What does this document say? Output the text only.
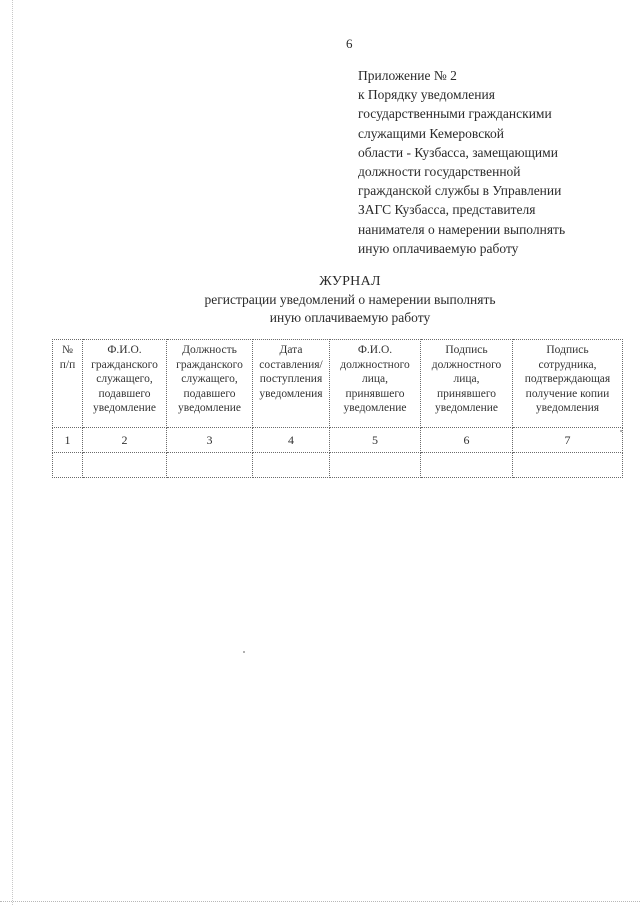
6
Приложение № 2
к Порядку уведомления
государственными гражданскими
служащими Кемеровской
области - Кузбасса, замещающими
должности государственной
гражданской службы в Управлении
ЗАГС Кузбасса, представителя
нанимателя о намерении выполнять
иную оплачиваемую работу
ЖУРНАЛ
регистрации уведомлений о намерении выполнять
иную оплачиваемую работу
№
п/п	Ф.И.О.
гражданского
служащего,
подавшего
уведомление	Должность
гражданского
служащего,
подавшего
уведомление	Дата
составления/
поступления
уведомления	Ф.И.О.
должностного
лица,
принявшего
уведомление	Подпись
должностного
лица,
принявшего
уведомление	Подпись
сотрудника,
подтверждающая
получение копии
уведомления

1	2	3	4	5	6	7
